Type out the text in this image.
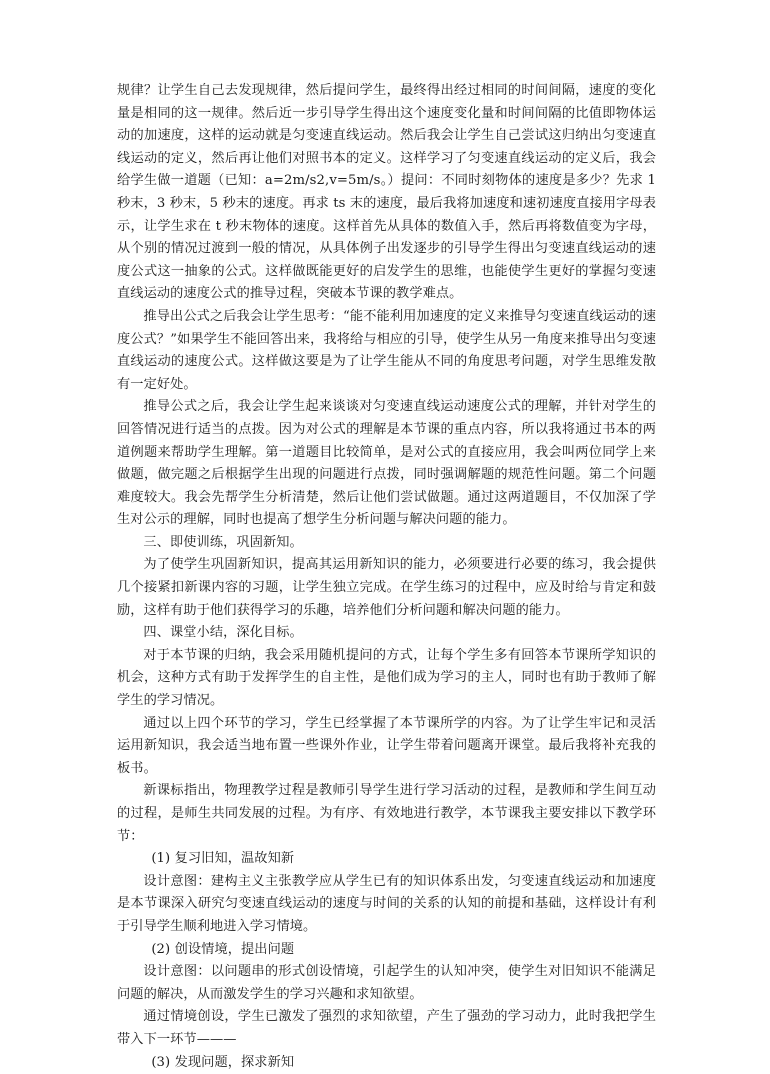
规律？让学生自己去发现规律，然后提问学生，最终得出经过相同的时间间隔，速度的变化量是相同的这一规律。然后近一步引导学生得出这个速度变化量和时间间隔的比值即物体运动的加速度，这样的运动就是匀变速直线运动。然后我会让学生自己尝试这归纳出匀变速直线运动的定义，然后再让他们对照书本的定义。这样学习了匀变速直线运动的定义后，我会给学生做一道题（已知：a=2m/s2,v=5m/s。）提问：不同时刻物体的速度是多少？先求 1 秒末，3 秒末，5 秒末的速度。再求 ts 末的速度，最后我将加速度和速初速度直接用字母表示，让学生求在 t 秒末物体的速度。这样首先从具体的数值入手，然后再将数值变为字母，从个别的情况过渡到一般的情况，从具体例子出发逐步的引导学生得出匀变速直线运动的速度公式这一抽象的公式。这样做既能更好的启发学生的思维，也能使学生更好的掌握匀变速直线运动的速度公式的推导过程，突破本节课的教学难点。

推导出公式之后我会让学生思考：“能不能利用加速度的定义来推导匀变速直线运动的速度公式？”如果学生不能回答出来，我将给与相应的引导，使学生从另一角度来推导出匀变速直线运动的速度公式。这样做这要是为了让学生能从不同的角度思考问题，对学生思维发散有一定好处。

推导公式之后，我会让学生起来谈谈对匀变速直线运动速度公式的理解，并针对学生的回答情况进行适当的点拨。因为对公式的理解是本节课的重点内容，所以我将通过书本的两道例题来帮助学生理解。第一道题目比较简单，是对公式的直接应用，我会叫两位同学上来做题，做完题之后根据学生出现的问题进行点拨，同时强调解题的规范性问题。第二个问题难度较大。我会先帮学生分析清楚，然后让他们尝试做题。通过这两道题目，不仅加深了学生对公示的理解，同时也提高了想学生分析问题与解决问题的能力。

三、即使训练，巩固新知。

为了使学生巩固新知识，提高其运用新知识的能力，必须要进行必要的练习，我会提供几个接紧扣新课内容的习题，让学生独立完成。在学生练习的过程中，应及时给与肯定和鼓励，这样有助于他们获得学习的乐趣，培养他们分析问题和解决问题的能力。

四、课堂小结，深化目标。

对于本节课的归纳，我会采用随机提问的方式，让每个学生多有回答本节课所学知识的机会，这种方式有助于发挥学生的自主性，是他们成为学习的主人，同时也有助于教师了解学生的学习情况。

通过以上四个环节的学习，学生已经掌握了本节课所学的内容。为了让学生牢记和灵活运用新知识，我会适当地布置一些课外作业，让学生带着问题离开课堂。最后我将补充我的板书。

新课标指出，物理教学过程是教师引导学生进行学习活动的过程，是教师和学生间互动的过程，是师生共同发展的过程。为有序、有效地进行教学，本节课我主要安排以下教学环节：

(1) 复习旧知，温故知新

设计意图：建构主义主张教学应从学生已有的知识体系出发，匀变速直线运动和加速度是本节课深入研究匀变速直线运动的速度与时间的关系的认知的前提和基础，这样设计有利于引导学生顺利地进入学习情境。

(2) 创设情境，提出问题

设计意图：以问题串的形式创设情境，引起学生的认知冲突，使学生对旧知识不能满足问题的解决，从而激发学生的学习兴趣和求知欲望。

通过情境创设，学生已激发了强烈的求知欲望，产生了强劲的学习动力，此时我把学生带入下一环节———

(3) 发现问题，探求新知
